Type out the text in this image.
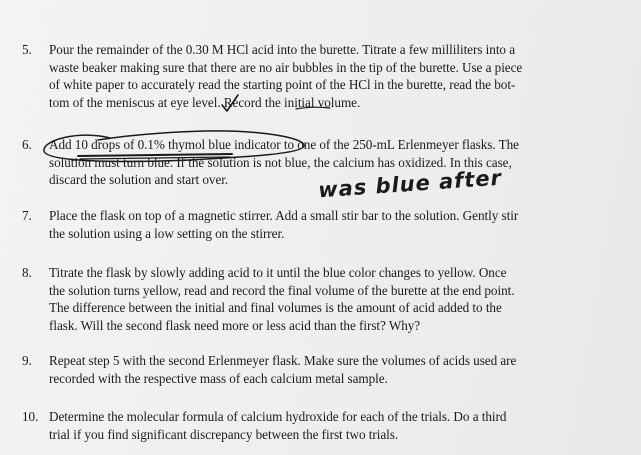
5.	Pour the remainder of the 0.30 M HCl acid into the burette. Titrate a few milliliters into a
waste beaker making sure that there are no air bubbles in the tip of the burette. Use a piece
of white paper to accurately read the starting point of the HCl in the burette, read the bot-
tom of the meniscus at eye level. Record the initial volume.
6.	Add 10 drops of 0.1% thymol blue indicator to one of the 250-mL Erlenmeyer flasks. The
solution must turn blue. If the solution is not blue, the calcium has oxidized. In this case,
discard the solution and start over.
7.	Place the flask on top of a magnetic stirrer. Add a small stir bar to the solution. Gently stir
the solution using a low setting on the stirrer.
8.	Titrate the flask by slowly adding acid to it until the blue color changes to yellow. Once
the solution turns yellow, read and record the final volume of the burette at the end point.
The difference between the initial and final volumes is the amount of acid added to the
flask. Will the second flask need more or less acid than the first? Why?
9.	Repeat step 5 with the second Erlenmeyer flask. Make sure the volumes of acids used are
recorded with the respective mass of each calcium metal sample.
10. Determine the molecular formula of calcium hydroxide for each of the trials. Do a third
trial if you find significant discrepancy between the first two trials.
was blue after
